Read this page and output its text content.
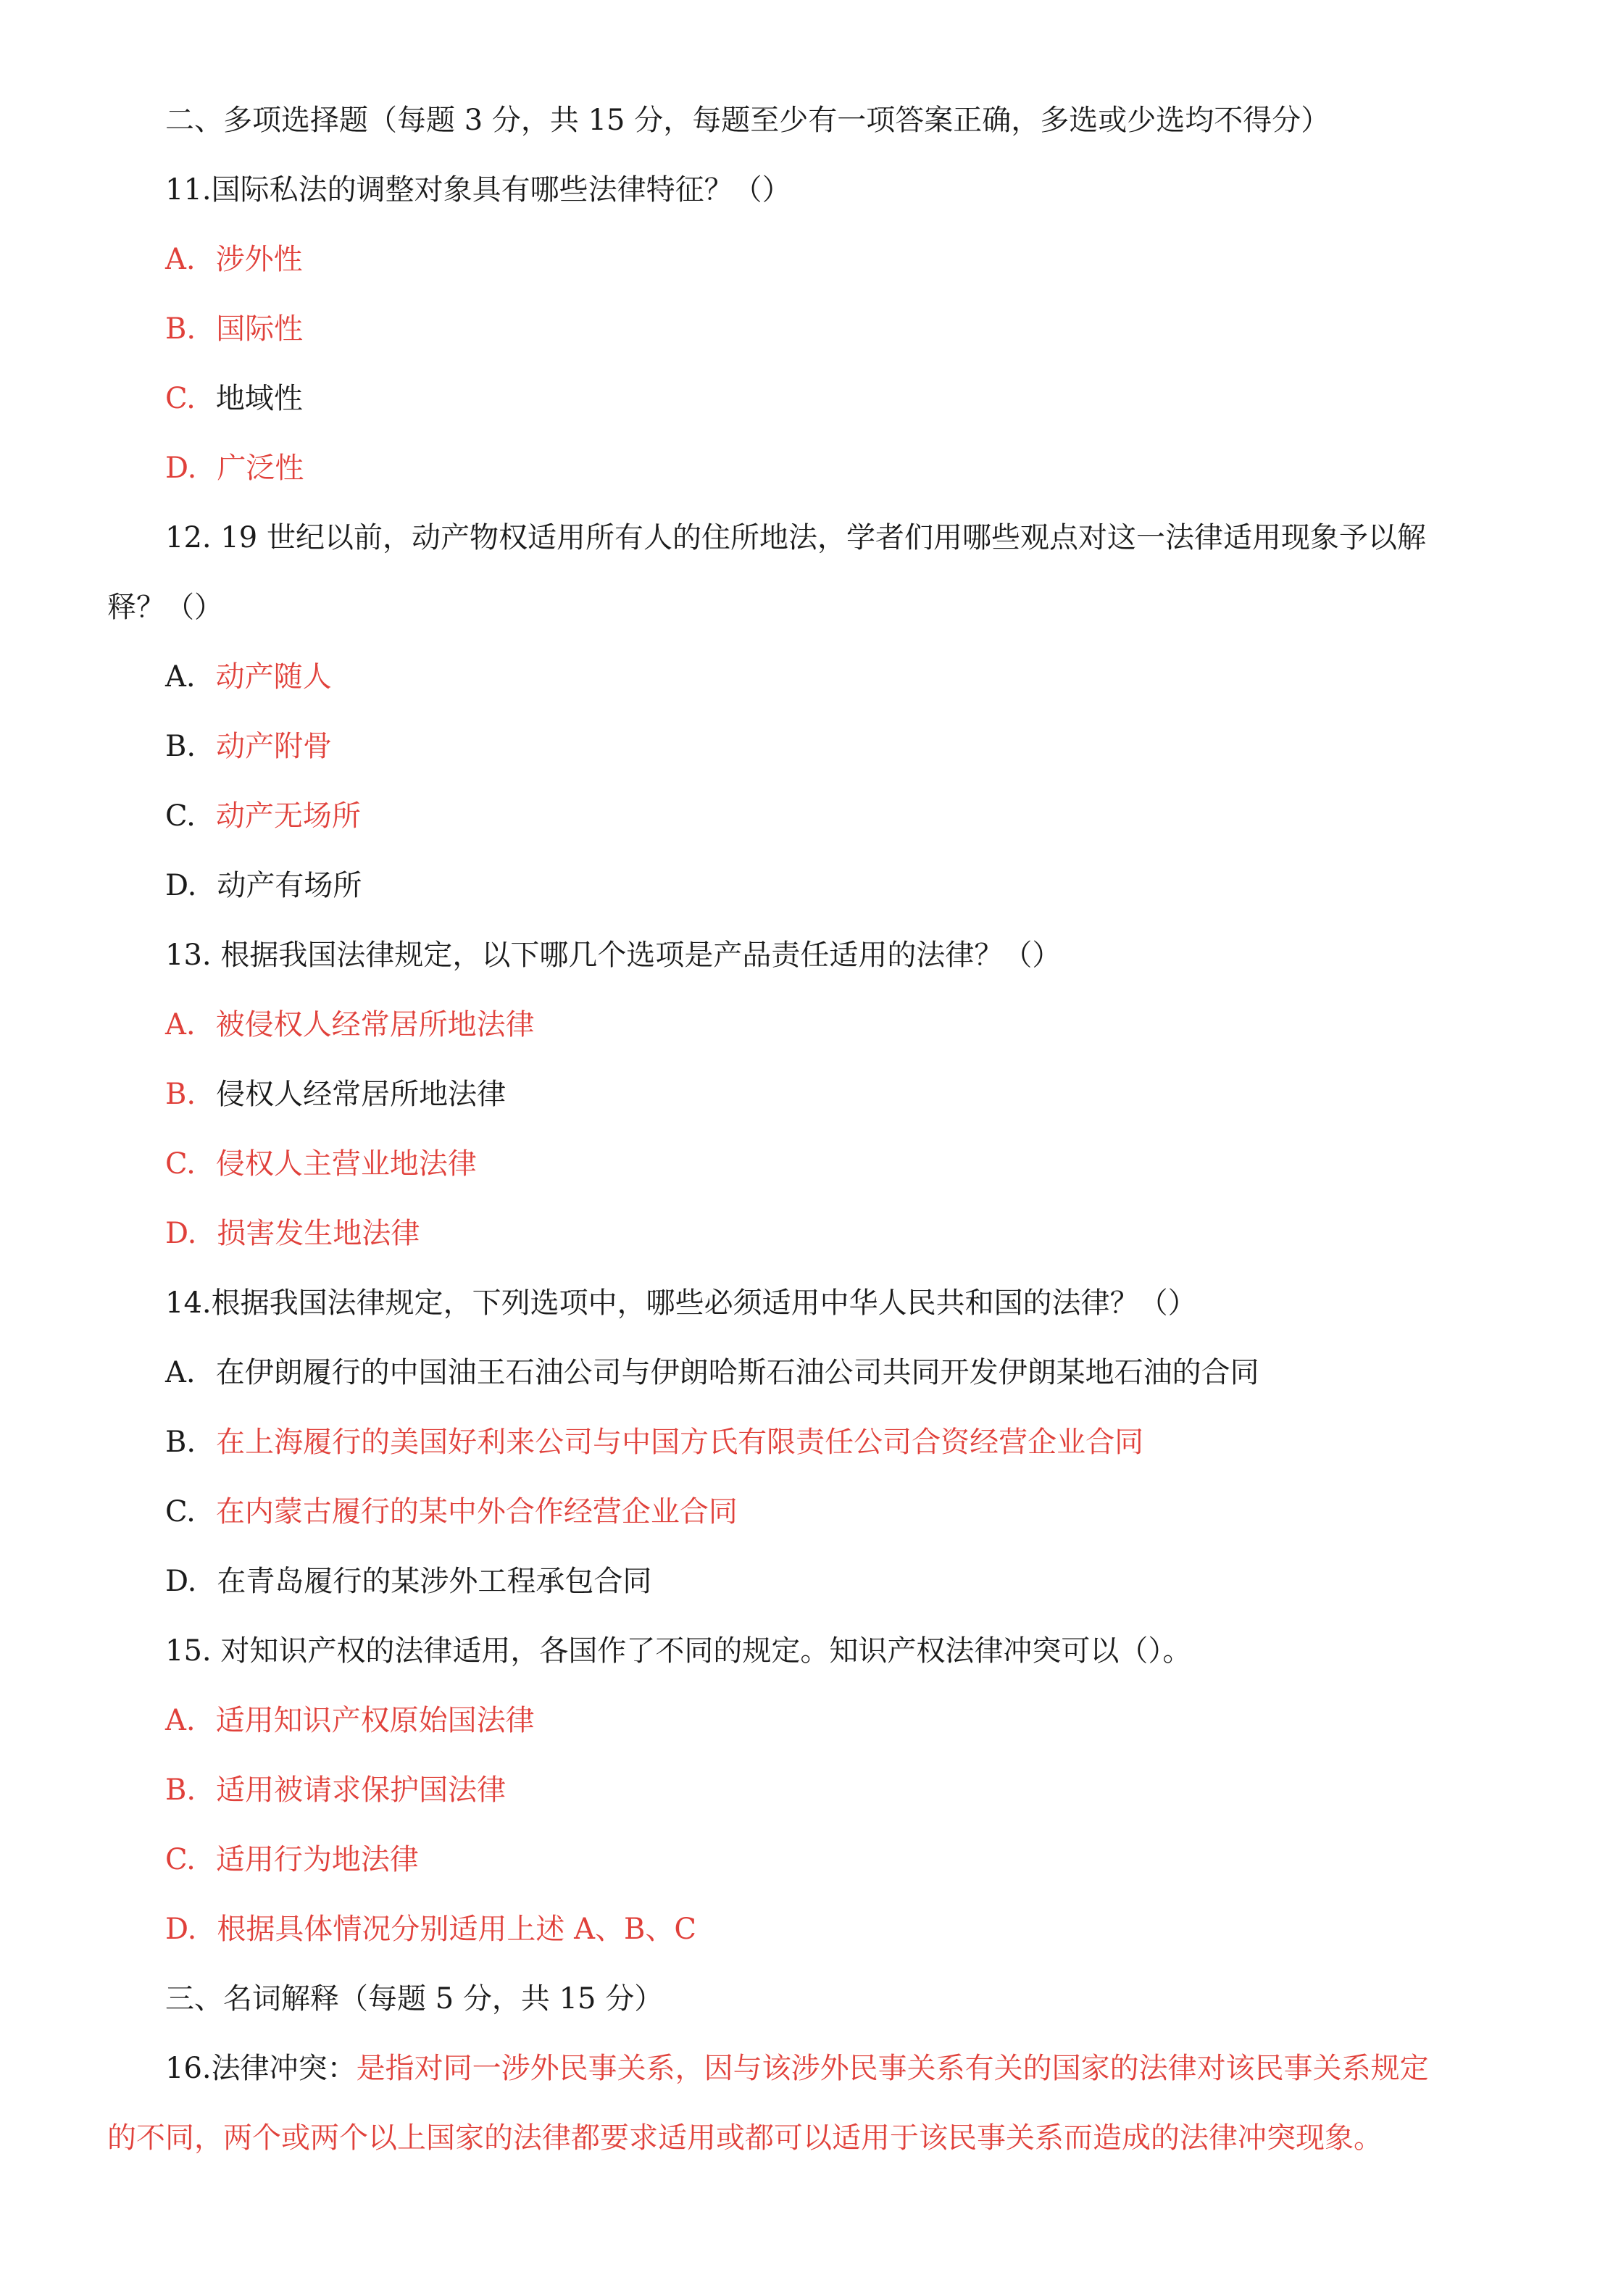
二、多项选择题（每题 3 分，共 15 分，每题至少有一项答案正确，多选或少选均不得分）
11.国际私法的调整对象具有哪些法律特征？（）
A. 涉外性
B. 国际性
C. 地域性
D. 广泛性
12. 19 世纪以前，动产物权适用所有人的住所地法，学者们用哪些观点对这一法律适用现象予以解
释？（）
A. 动产随人
B. 动产附骨
C. 动产无场所
D. 动产有场所
13. 根据我国法律规定，以下哪几个选项是产品责任适用的法律？（）
A. 被侵权人经常居所地法律
B. 侵权人经常居所地法律
C. 侵权人主营业地法律
D. 损害发生地法律
14.根据我国法律规定，下列选项中，哪些必须适用中华人民共和国的法律？（）
A. 在伊朗履行的中国油王石油公司与伊朗哈斯石油公司共同开发伊朗某地石油的合同
B. 在上海履行的美国好利来公司与中国方氏有限责任公司合资经营企业合同
C. 在内蒙古履行的某中外合作经营企业合同
D. 在青岛履行的某涉外工程承包合同
15. 对知识产权的法律适用，各国作了不同的规定。知识产权法律冲突可以（）。
A. 适用知识产权原始国法律
B. 适用被请求保护国法律
C. 适用行为地法律
D. 根据具体情况分别适用上述 A、B、C
三、名词解释（每题 5 分，共 15 分）
16.法律冲突：是指对同一涉外民事关系，因与该涉外民事关系有关的国家的法律对该民事关系规定
的不同，两个或两个以上国家的法律都要求适用或都可以适用于该民事关系而造成的法律冲突现象。
